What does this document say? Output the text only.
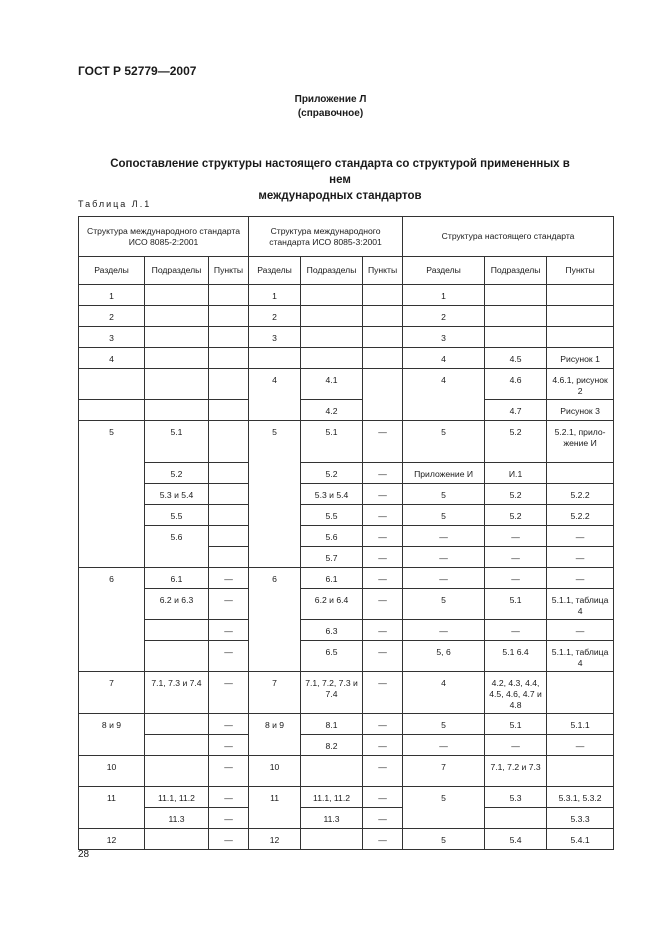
ГОСТ Р 52779—2007
Приложение Л
(справочное)
Сопоставление структуры настоящего стандарта со структурой примененных в нем
международных стандартов
Таблица Л.1
Структура международного стандарта ИСО 8085-2:2001			Структура международного стандарта ИСО 8085-3:2001			Структура настоящего стандарта		
Разделы	Подразделы	Пункты	Разделы	Подразделы	Пункты	Разделы	Подразделы	Пункты
1			1			1		
2			2			2		
3			3			3		
4						4	4.5	Рисунок 1
			4	4.1		4	4.6	4.6.1, рисунок 2
				4.2			4.7	Рисунок 3
5	5.1		5	5.1	—	5	5.2	5.2.1, прило-жение И
	5.2			5.2	—	Приложение И	И.1	
	5.3 и 5.4			5.3 и 5.4	—	5	5.2	5.2.2
	5.5			5.5	—	5	5.2	5.2.2
	5.6			5.6	—	—	—	—
				5.7	—	—	—	—
6	6.1	—	6	6.1	—	—	—	—
	6.2 и 6.3	—		6.2 и 6.4	—	5	5.1	5.1.1, таблица 4
		—		6.3	—	—	—	—
		—		6.5	—	5, 6	5.1 6.4	5.1.1, таблица 4
7	7.1, 7.3 и 7.4	—	7	7.1, 7.2, 7.3 и 7.4	—	4	4.2, 4.3, 4.4, 4.5, 4.6, 4.7 и 4.8	
8 и 9		—	8 и 9	8.1	—	5	5.1	5.1.1
		—		8.2	—	—	—	—
10		—	10		—	7	7.1, 7.2 и 7.3	
11	11.1, 11.2	—	11	11.1, 11.2	—	5	5.3	5.3.1, 5.3.2
	11.3	—		11.3	—			5.3.3
12		—	12		—	5	5.4	5.4.1
28
